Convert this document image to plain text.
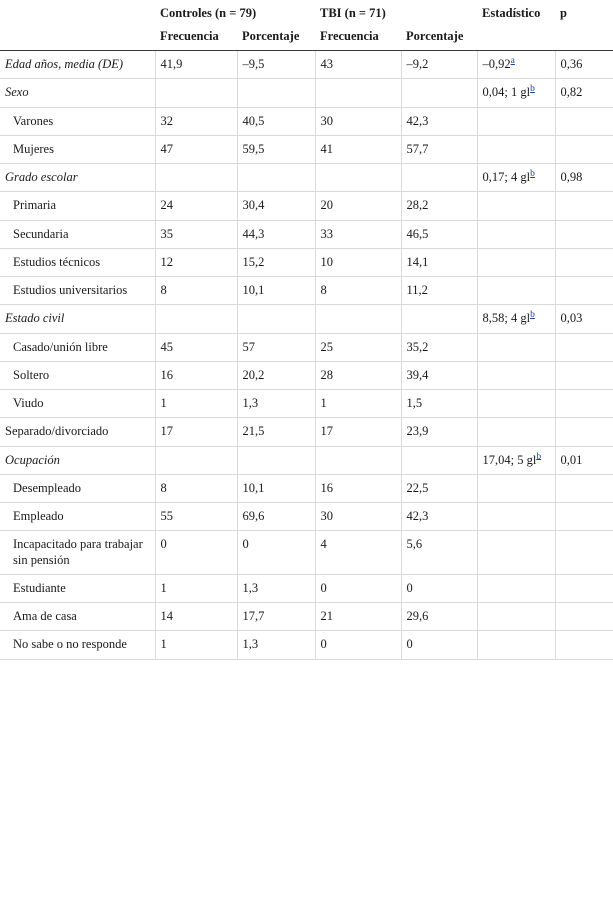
	Controles (n = 79)		TBI (n = 71)		Estadístico	p
	Frecuencia	Porcentaje	Frecuencia	Porcentaje		
Edad años, media (DE)	41,9	–9,5	43	–9,2	–0,92$^a$	0,36
Sexo					0,04; 1 gl$^b$	0,82
Varones	32	40,5	30	42,3		
Mujeres	47	59,5	41	57,7		
Grado escolar					0,17; 4 gl$^b$	0,98
Primaria	24	30,4	20	28,2		
Secundaria	35	44,3	33	46,5		
Estudios técnicos	12	15,2	10	14,1		
Estudios universitarios	8	10,1	8	11,2		
Estado civil					8,58; 4 gl$^b$	0,03
Casado/unión libre	45	57	25	35,2		
Soltero	16	20,2	28	39,4		
Viudo	1	1,3	1	1,5		
Separado/divorciado	17	21,5	17	23,9		
Ocupación					17,04; 5 gl$^b$	0,01
Desempleado	8	10,1	16	22,5		
Empleado	55	69,6	30	42,3		
Incapacitado para trabajar sin pensión	0	0	4	5,6		
Estudiante	1	1,3	0	0		
Ama de casa	14	17,7	21	29,6		
No sabe o no responde	1	1,3	0	0		
